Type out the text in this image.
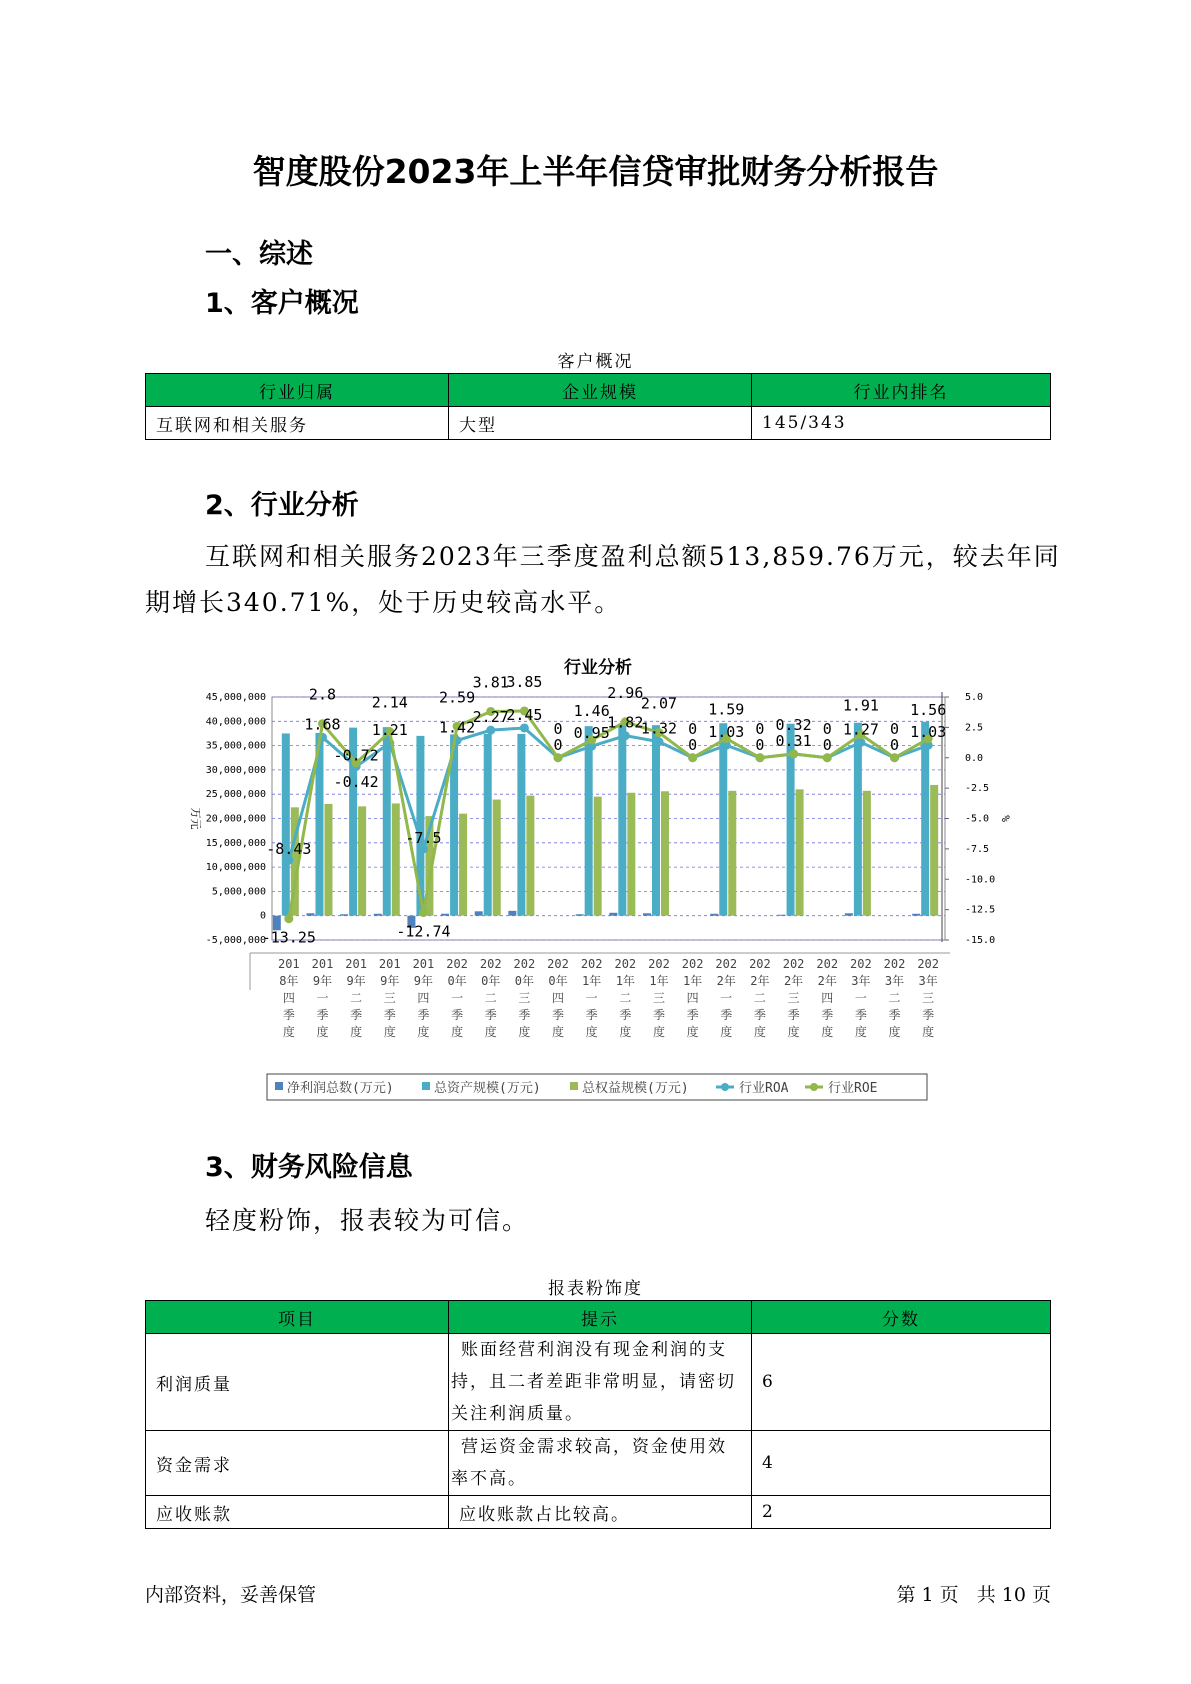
智度股份2023年上半年信贷审批财务分析报告
一、综述
1、客户概况
客户概况
行业归属	企业规模	行业内排名
互联网和相关服务	大型	145/343
2、行业分析
互联网和相关服务2023年三季度盈利总额513,859.76万元，较去年同
期增长340.71%，处于历史较高水平。
行业分析
45,000,000
40,000,000
35,000,000
30,000,000
25,000,000
20,000,000
15,000,000
10,000,000
5,000,000
0
-5,000,000
5.0
2.5
0.0
-2.5
-5.0
-7.5
-10.0
-12.5
-15.0
万元	%
-8.43
1.68
-0.72
1.21
-7.5
1.42
2.27
2.45
0
0.95
1.82
1.32
0
1.03
0 0.31 0
1.27
0
1.03
-13.25
2.8
-0.42
2.14
-12.74
2.59
3.81
3.85
0
1.46
2.96
2.07
0
1.59
0 0.32 0
1.91
0
1.56
201
8年
四
季
度
201
9年
一
季
度
201
9年
二
季
度
201
9年
三
季
度
201
9年
四
季
度
202
0年
一
季
度
202
0年
二
季
度
202
0年
三
季
度
202
0年
四
季
度
202
1年
一
季
度
202
1年
二
季
度
202
1年
三
季
度
202
1年
四
季
度
202
2年
一
季
度
202
2年
二
季
度
202
2年
三
季
度
202
2年
四
季
度
202
3年
一
季
度
202
3年
二
季
度
202
3年
三
季
度
净利润总数(万元)	总资产规模(万元)	总权益规模(万元)	行业ROA	行业ROE
3、财务风险信息
轻度粉饰，报表较为可信。
报表粉饰度
项目	提示	分数
利润质量	账面经营利润没有现金利润的支
持，且二者差距非常明显，请密切
关注利润质量。	6
资金需求	营运资金需求较高，资金使用效
率不高。	4
应收账款	应收账款占比较高。	2
内部资料，妥善保管	第 1 页   共 10 页
